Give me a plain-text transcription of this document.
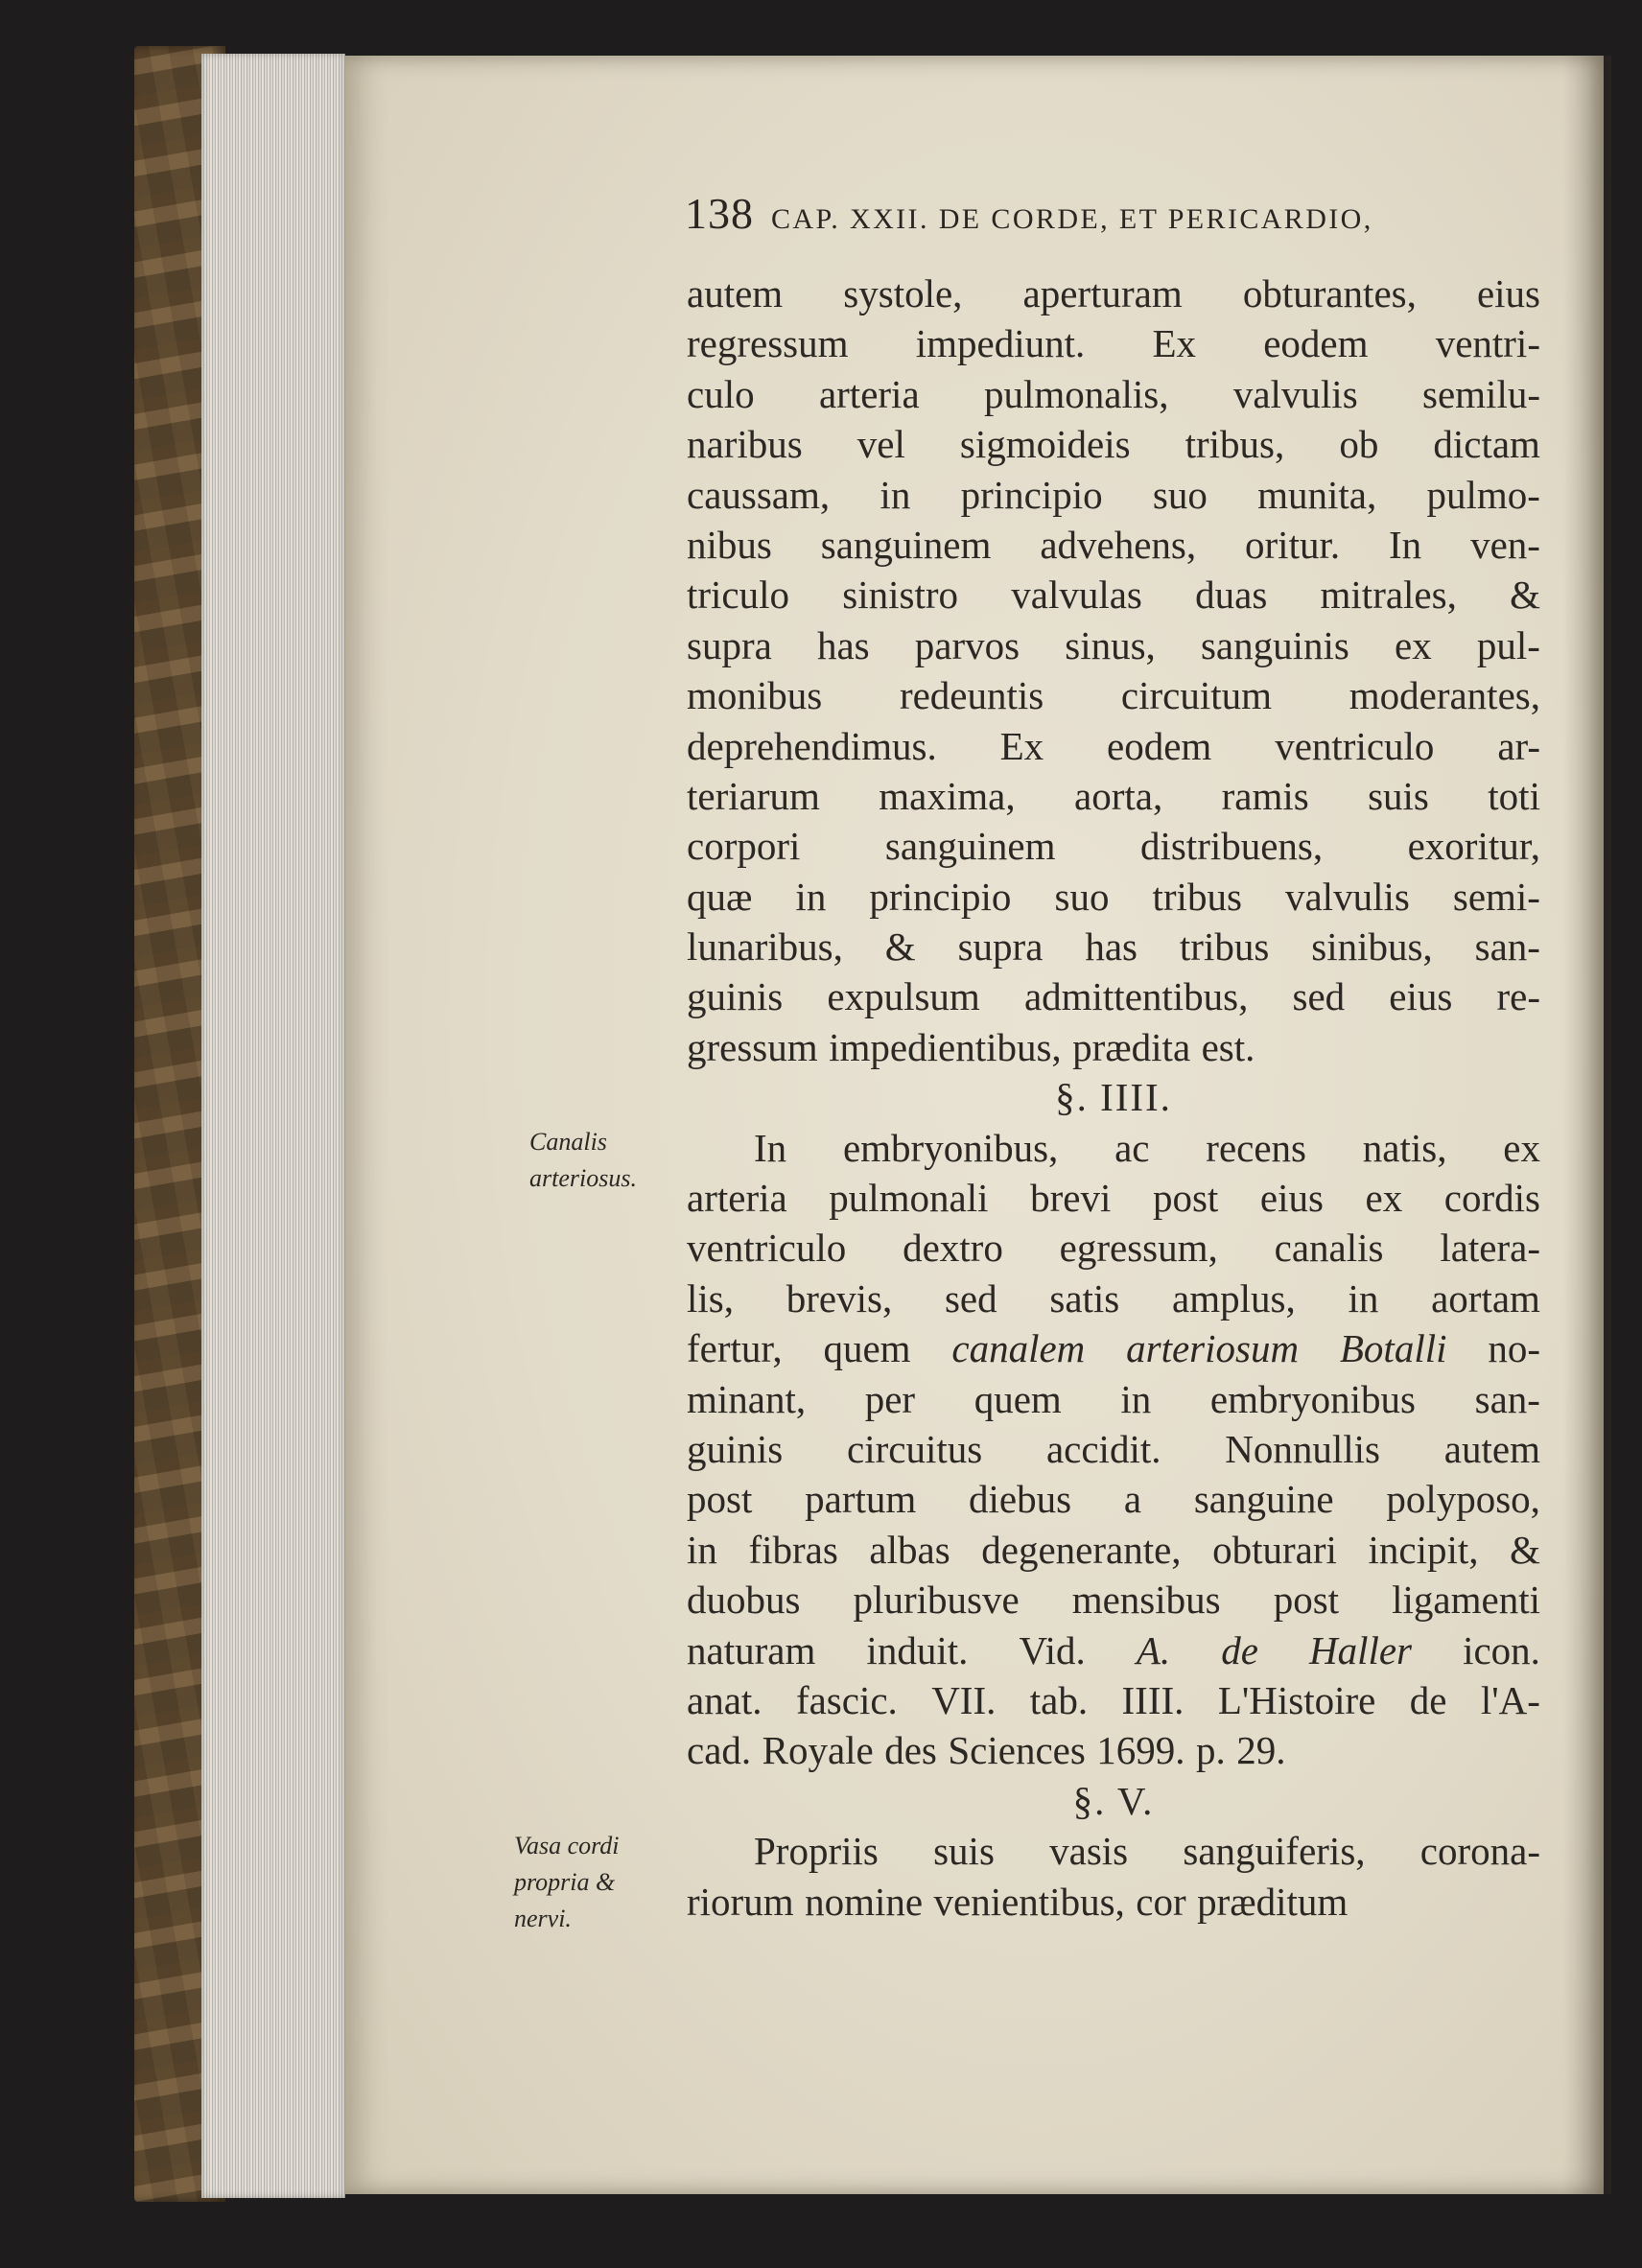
138 CAP. XXII. DE CORDE, ET PERICARDIO,
Canalis
arteriosus.
Vasa cordi
propria &
nervi.
autem systole, aperturam obturantes, eius
regressum impediunt. Ex eodem ventri-
culo arteria pulmonalis, valvulis semilu-
naribus vel sigmoideis tribus, ob dictam
caussam, in principio suo munita, pulmo-
nibus sanguinem advehens, oritur. In ven-
triculo sinistro valvulas duas mitrales, &
supra has parvos sinus, sanguinis ex pul-
monibus redeuntis circuitum moderantes,
deprehendimus. Ex eodem ventriculo ar-
teriarum maxima, aorta, ramis suis toti
corpori sanguinem distribuens, exoritur,
quæ in principio suo tribus valvulis semi-
lunaribus, & supra has tribus sinibus, san-
guinis expulsum admittentibus, sed eius re-
gressum impedientibus, prædita est.
§. IIII.
In embryonibus, ac recens natis, ex
arteria pulmonali brevi post eius ex cordis
ventriculo dextro egressum, canalis latera-
lis, brevis, sed satis amplus, in aortam
fertur, quem canalem arteriosum Botalli no-
minant, per quem in embryonibus san-
guinis circuitus accidit. Nonnullis autem
post partum diebus a sanguine polyposo,
in fibras albas degenerante, obturari incipit, &
duobus pluribusve mensibus post ligamenti
naturam induit. Vid. A. de Haller icon.
anat. fascic. VII. tab. IIII. L'Histoire de l'A-
cad. Royale des Sciences 1699. p. 29.
§. V.
Propriis suis vasis sanguiferis, corona-
riorum nomine venientibus, cor præditum
